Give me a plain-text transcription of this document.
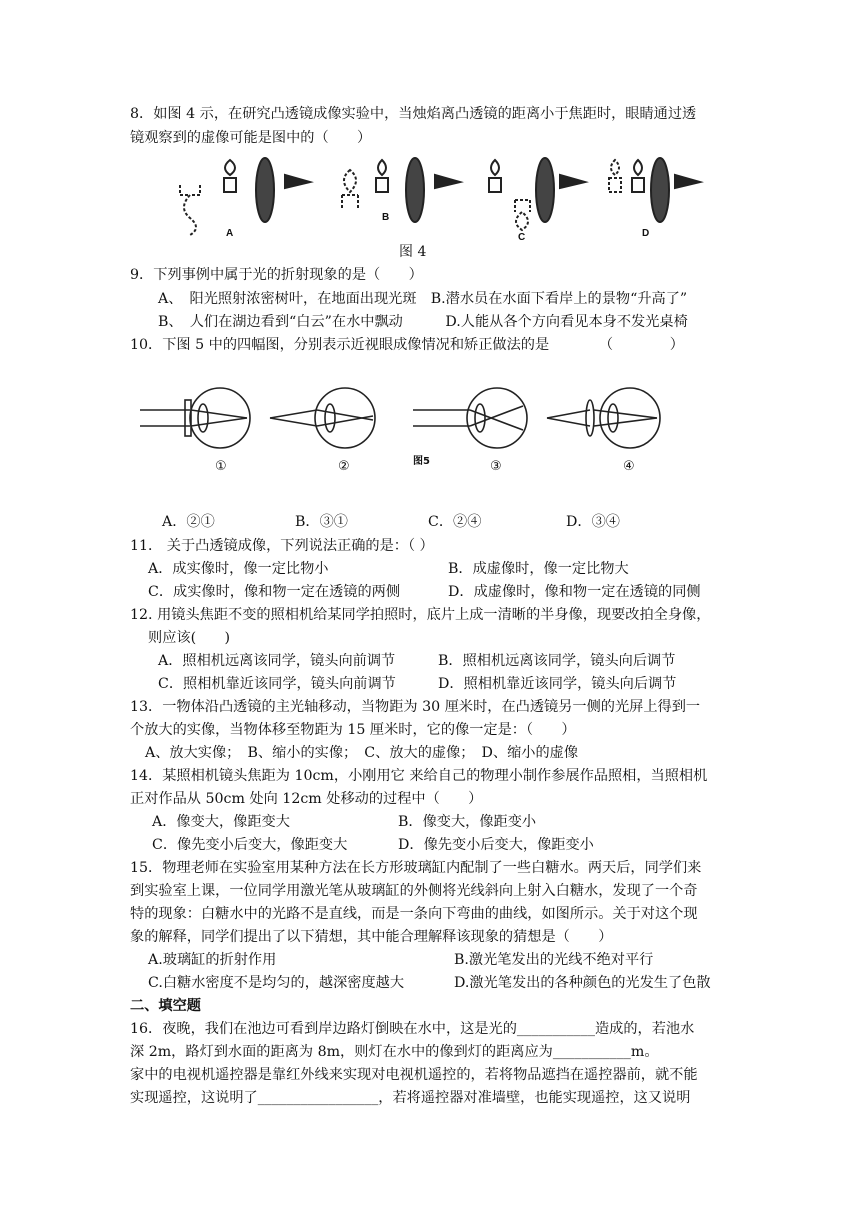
8．如图 4 示，在研究凸透镜成像实验中，当烛焰离凸透镜的距离小于焦距时，眼睛通过透
镜观察到的虚像可能是图中的（　　）
A
B
C	D
图 4
9．下列事例中属于光的折射现象的是（　　）
A、　阳光照射浓密树叶，在地面出现光斑　B.潜水员在水面下看岸上的景物“升高了”
B、　人们在湖边看到“白云”在水中飘动　　　D.人能从各个方向看见本身不发光桌椅
10．下图 5 中的四幅图，分别表示近视眼成像情况和矫正做法的是　　　　（　　　　）
①	②	图5	③	④
A．②①	B．③①	C．②④	D．③④
11． 关于凸透镜成像，下列说法正确的是：（ ）
A．成实像时，像一定比物小	B．成虚像时，像一定比物大
C．成实像时，像和物一定在透镜的两侧	D．成虚像时，像和物一定在透镜的同侧
12. 用镜头焦距不变的照相机给某同学拍照时，底片上成一清晰的半身像，现要改拍全身像，
则应该(　　)
A．照相机远离该同学，镜头向前调节	B．照相机远离该同学，镜头向后调节
C．照相机靠近该同学，镜头向前调节	D．照相机靠近该同学，镜头向后调节
13．一物体沿凸透镜的主光轴移动，当物距为 30 厘米时，在凸透镜另一侧的光屏上得到一
个放大的实像，当物体移至物距为 15 厘米时，它的像一定是：（　　）
A、放大实像；　B、缩小的实像；　C、放大的虚像；　D、缩小的虚像
14．某照相机镜头焦距为 10cm，小刚用它 来给自己的物理小制作参展作品照相，当照相机
正对作品从 50cm 处向 12cm 处移动的过程中（　　）
A．像变大，像距变大	B．像变大，像距变小
C．像先变小后变大，像距变大	D．像先变小后变大，像距变小
15．物理老师在实验室用某种方法在长方形玻璃缸内配制了一些白糖水。两天后，同学们来
到实验室上课，一位同学用激光笔从玻璃缸的外侧将光线斜向上射入白糖水，发现了一个奇
特的现象：白糖水中的光路不是直线，而是一条向下弯曲的曲线，如图所示。关于对这个现
象的解释，同学们提出了以下猜想，其中能合理解释该现象的猜想是（　　）
A.玻璃缸的折射作用	B.激光笔发出的光线不绝对平行
C.白糖水密度不是均匀的，越深密度越大	D.激光笔发出的各种颜色的光发生了色散
二、填空题
16．夜晚，我们在池边可看到岸边路灯倒映在水中，这是光的___________造成的，若池水
深 2m，路灯到水面的距离为 8m，则灯在水中的像到灯的距离应为___________m。
家中的电视机遥控器是靠红外线来实现对电视机遥控的，若将物品遮挡在遥控器前，就不能
实现遥控，这说明了_________________，若将遥控器对准墙壁，也能实现遥控，这又说明
